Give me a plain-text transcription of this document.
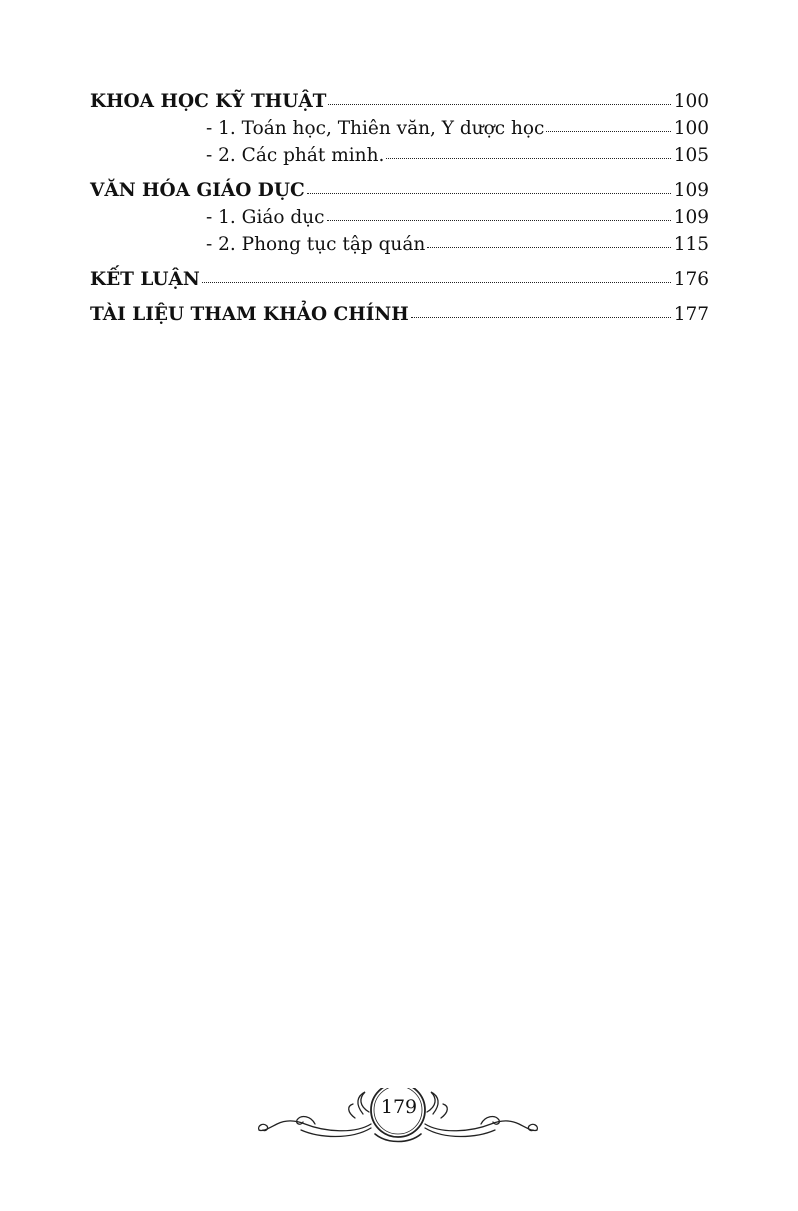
KHOA HỌC KỸ THUẬT	100
- 1. Toán học, Thiên văn, Y dược học	100
- 2. Các phát minh.	105
VĂN HÓA GIÁO DỤC	109
- 1. Giáo dục	109
- 2. Phong tục tập quán	115
KẾT LUẬN	176
TÀI LIỆU THAM KHẢO CHÍNH	177
179
